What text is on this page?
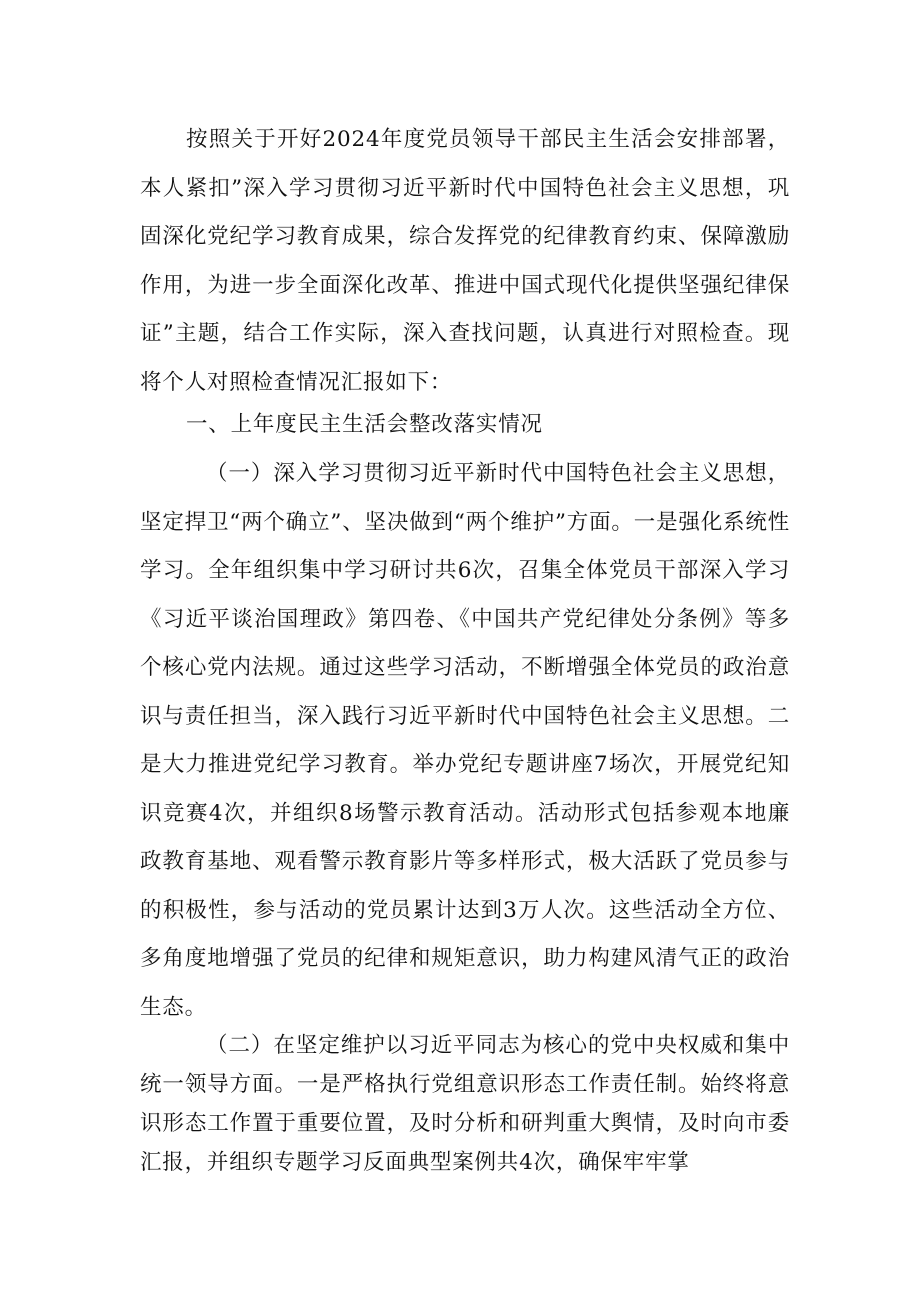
按照关于开好2024年度党员领导干部民主生活会安排部署，本人紧扣”深入学习贯彻习近平新时代中国特色社会主义思想，巩固深化党纪学习教育成果，综合发挥党的纪律教育约束、保障激励作用，为进一步全面深化改革、推进中国式现代化提供坚强纪律保证”主题，结合工作实际，深入查找问题，认真进行对照检查。现将个人对照检查情况汇报如下：

一、上年度民主生活会整改落实情况

（一）深入学习贯彻习近平新时代中国特色社会主义思想，坚定捍卫“两个确立”、坚决做到“两个维护”方面。一是强化系统性学习。全年组织集中学习研讨共6次，召集全体党员干部深入学习《习近平谈治国理政》第四卷、《中国共产党纪律处分条例》等多个核心党内法规。通过这些学习活动，不断增强全体党员的政治意识与责任担当，深入践行习近平新时代中国特色社会主义思想。二是大力推进党纪学习教育。举办党纪专题讲座7场次，开展党纪知识竞赛4次，并组织8场警示教育活动。活动形式包括参观本地廉政教育基地、观看警示教育影片等多样形式，极大活跃了党员参与的积极性，参与活动的党员累计达到3万人次。这些活动全方位、多角度地增强了党员的纪律和规矩意识，助力构建风清气正的政治生态。

（二）在坚定维护以习近平同志为核心的党中央权威和集中统一领导方面。一是严格执行党组意识形态工作责任制。始终将意识形态工作置于重要位置，及时分析和研判重大舆情，及时向市委汇报，并组织专题学习反面典型案例共4次，确保牢牢掌
